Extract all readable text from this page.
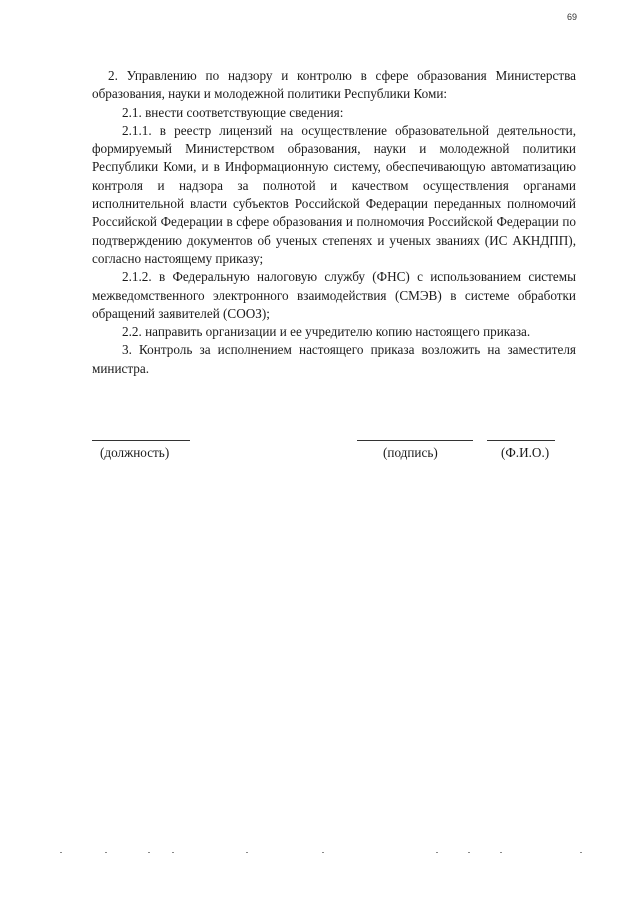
69

2. Управлению по надзору и контролю в сфере образования Министерства образования, науки и молодежной политики Республики Коми:

2.1. внести соответствующие сведения:

2.1.1. в реестр лицензий на осуществление образовательной деятельности, формируемый Министерством образования, науки и молодежной политики Республики Коми, и в Информационную систему, обеспечивающую автоматизацию контроля и надзора за полнотой и качеством осуществления органами исполнительной власти субъектов Российской Федерации переданных полномочий Российской Федерации в сфере образования и полномочия Российской Федерации по подтверждению документов об ученых степенях и ученых званиях (ИС АКНДПП), согласно настоящему приказу;

2.1.2. в Федеральную налоговую службу (ФНС) с использованием системы межведомственного электронного взаимодействия (СМЭВ) в системе обработки обращений заявителей (СООЗ);

2.2. направить организации и ее учредителю копию настоящего приказа.

3. Контроль за исполнением настоящего приказа возложить на заместителя министра.

(должность)	(подпись)	(Ф.И.О.)
